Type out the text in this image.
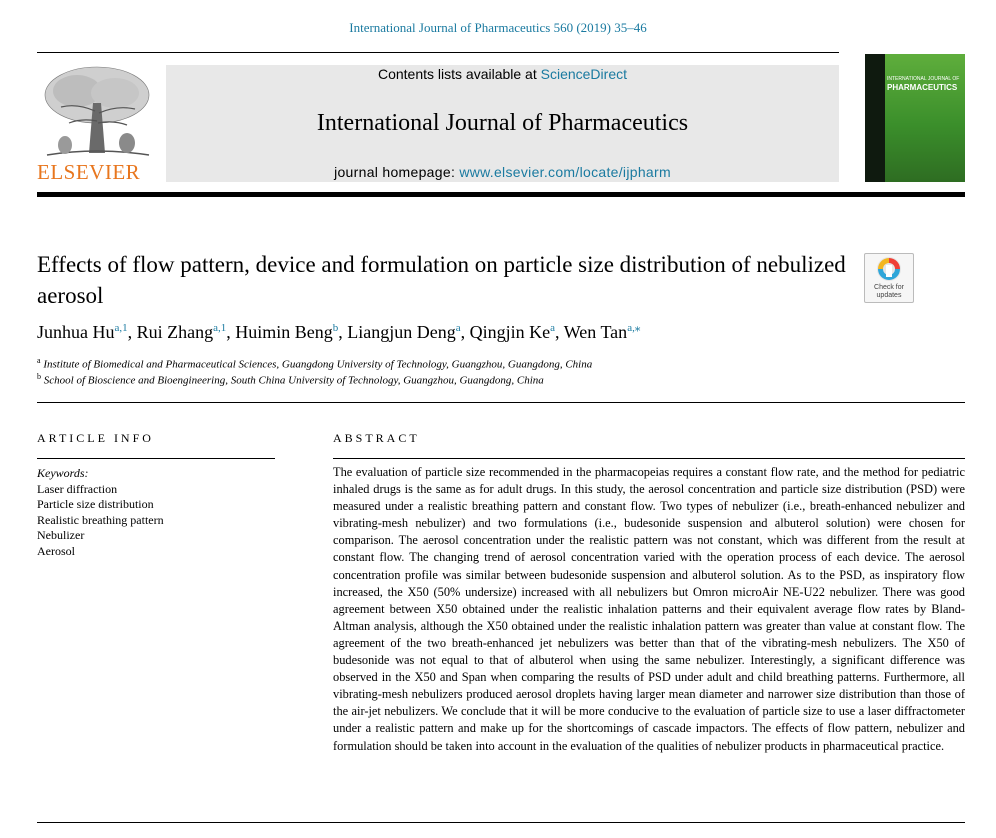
International Journal of Pharmaceutics 560 (2019) 35–46
ELSEVIER
Contents lists available at ScienceDirect
International Journal of Pharmaceutics
journal homepage: www.elsevier.com/locate/ijpharm
INTERNATIONAL JOURNAL OF
PHARMACEUTICS
Effects of flow pattern, device and formulation on particle size distribution of nebulized aerosol	Check for
updates
Junhua Hu$^{a,1}$, Rui Zhang$^{a,1}$, Huimin Beng$^b$, Liangjun Deng$^a$, Qingjin Ke$^a$, Wen Tan$^{a,⁎}$
$^a$ Institute of Biomedical and Pharmaceutical Sciences, Guangdong University of Technology, Guangzhou, Guangdong, China
$^b$ School of Bioscience and Bioengineering, South China University of Technology, Guangzhou, Guangdong, China
ARTICLE INFO	ABSTRACT
Keywords:
Laser diffraction
Particle size distribution
Realistic breathing pattern
Nebulizer
Aerosol
The evaluation of particle size recommended in the pharmacopeias requires a constant flow rate, and the method for pediatric inhaled drugs is the same as for adult drugs. In this study, the aerosol concentration and particle size distribution (PSD) were measured under a realistic breathing pattern and constant flow. Two types of nebulizer (i.e., breath-enhanced nebulizer and vibrating-mesh nebulizer) and two formulations (i.e., budesonide suspension and albuterol solution) were chosen for comparison. The aerosol concentration under the realistic pattern was not constant, which was different from the result at constant flow. The changing trend of aerosol concentration varied with the operation process of each device. The aerosol concentration profile was similar between budesonide suspension and albuterol solution. As to the PSD, as inspiratory flow increased, the X50 (50% undersize) increased with all nebulizers but Omron microAir NE-U22 nebulizer. There was good agreement between X50 obtained under the realistic inhalation patterns and their equivalent average flow rates by Bland-Altman analysis, although the X50 obtained under the realistic inhalation pattern was greater than value at constant flow. The agreement of the two breath-enhanced jet nebulizers was better than that of the vibrating-mesh nebulizers. The X50 of budesonide was not equal to that of albuterol when using the same nebulizer. Interestingly, a significant difference was observed in the X50 and Span when comparing the results of PSD under adult and child breathing patterns. Furthermore, all vibrating-mesh nebulizers produced aerosol droplets having larger mean diameter and narrower size distribution than those of the air-jet nebulizers. We conclude that it will be more conducive to the evaluation of particle size to use a laser diffractometer under a realistic pattern and make up for the shortcomings of cascade impactors. The effects of flow pattern, nebulizer and formulation should be taken into account in the evaluation of the qualities of nebulizer products in pharmaceutical practice.
